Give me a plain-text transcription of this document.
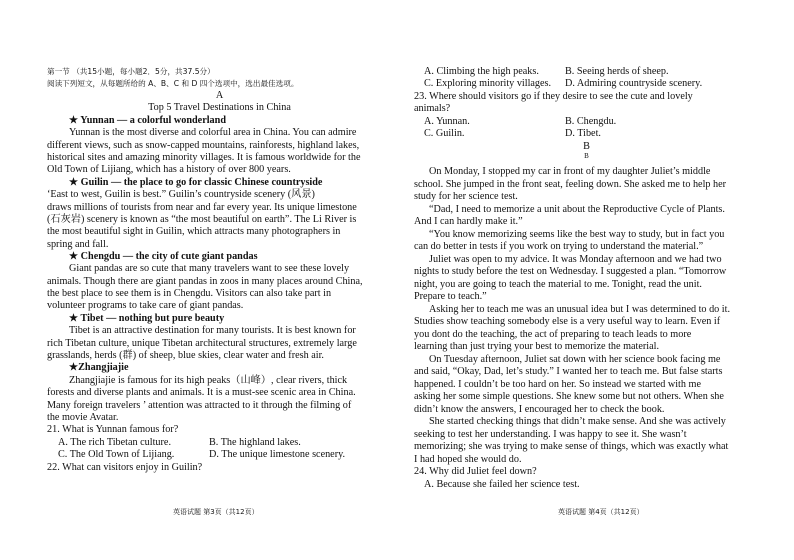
第一节 （共15小题，每小题2．5分，共37.5分）
阅读下列短文，从每题所给的 A、B、C 和 D 四个选项中，选出最佳选项。
A
Top 5 Travel Destinations in China
★ Yunnan — a colorful wonderland
Yunnan is the most diverse and colorful area in China. You can admire
different views, such as snow-capped mountains, rainforests, highland lakes,
historical sites and amazing minority villages. It is famous worldwide for the
Old Town of Lijiang, which has a history of over 800 years.
★ Guilin — the place to go for classic Chinese countryside
‘East to west, Guilin is best.” Guilin’s countryside scenery (风景)
draws millions of tourists from near and far every year. Its unique limestone
(石灰岩) scenery is known as “the most beautiful on earth”. The Li River is
the most beautiful sight in Guilin, which attracts many photographers in
spring and fall.
★ Chengdu — the city of cute giant pandas
Giant pandas are so cute that many travelers want to see these lovely
animals. Though there are giant pandas in zoos in many places around China,
the best place to see them is in Chengdu. Visitors can also take part in
volunteer programs to take care of giant pandas.
★ Tibet — nothing but pure beauty
Tibet is an attractive destination for many tourists. It is best known for
rich Tibetan culture, unique Tibetan architectural structures, extremely large
grasslands, herds (群) of sheep, blue skies, clear water and fresh air.
★Zhangjiajie
Zhangjiajie is famous for its high peaks（山峰）, clear rivers, thick
forests and diverse plants and animals. It is a must-see scenic area in China.
Many foreign travelers ’ attention was attracted to it through the filming of
the movie Avatar.
21. What is Yunnan famous for?
A. The rich Tibetan culture.	B. The highland lakes.
C. The Old Town of Lijiang.	D. The unique limestone scenery.
22. What can visitors enjoy in Guilin?
英语试题 第3页（共12页）
A. Climbing the high peaks.	B. Seeing herds of sheep.
C. Exploring minority villages. D. Admiring countryside scenery.
23. Where should visitors go if they desire to see the cute and lovely
animals?
A. Yunnan.	B. Chengdu.
C. Guilin.	D. Tibet.
B
B
On Monday, I stopped my car in front of my daughter Juliet’s middle
school. She jumped in the front seat, feeling down. She asked me to help her
study for her science test.
“Dad, I need to memorize a unit about the Reproductive Cycle of Plants.
And I can hardly make it.”
“You know memorizing seems like the best way to study, but in fact you
can do better in tests if you work on trying to understand the material.”
Juliet was open to my advice. It was Monday afternoon and we had two
nights to study before the test on Wednesday. I suggested a plan. “Tomorrow
night, you are going to teach the material to me. Tonight, read the unit.
Prepare to teach.”
Asking her to teach me was an unusual idea but I was determined to do it.
Studies show teaching somebody else is a very useful way to learn. Even if
you dont do the teaching, the act of preparing to teach leads to more
learning than just trying your best to memorize the material.
On Tuesday afternoon, Juliet sat down with her science book facing me
and said, “Okay, Dad, let’s study.” I wanted her to teach me. But false starts
happened. I couldn’t be too hard on her. So instead we started with me
asking her some simple questions. She knew some but not others. When she
didn’t know the answers, I encouraged her to check the book.
She started checking things that didn’t make sense. And she was actively
seeking to test her understanding. I was happy to see it. She wasn’t
memorizing; she was trying to make sense of things, which was exactly what
I had hoped she would do.
24. Why did Juliet feel down?
A. Because she failed her science test.
英语试题 第4页（共12页）
